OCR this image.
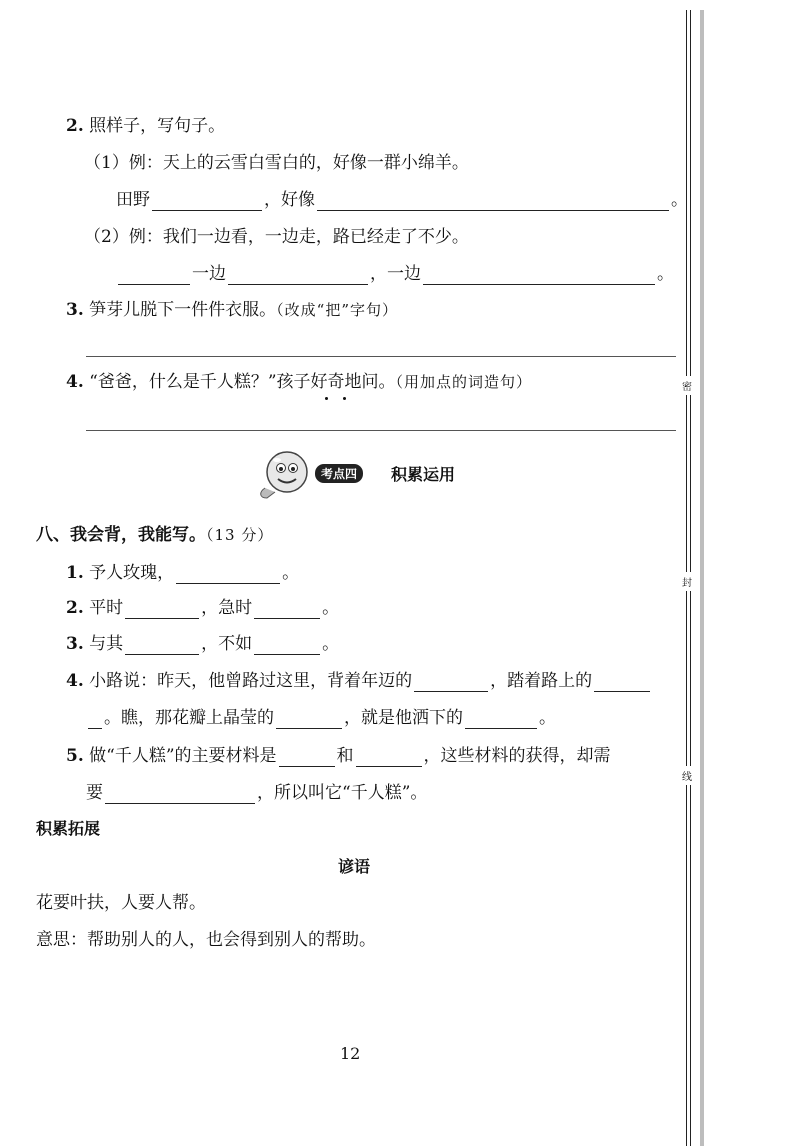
2. 照样子，写句子。
（1）例：天上的云雪白雪白的，好像一群小绵羊。
田野	，好像	。
（2）例：我们一边看，一边走，路已经走了不少。
一边	，一边	。
3. 笋芽儿脱下一件件衣服。（改成“把”字句）
4. “爸爸，什么是千人糕？”孩子好奇地问。（用加点的词造句）
考点四	积累运用
八、我会背，我能写。（13 分）
1. 予人玫瑰，	。
2. 平时	，急时	。
3. 与其	，不如	。
4. 小路说：昨天，他曾路过这里，背着年迈的	，踏着路上的
。瞧，那花瓣上晶莹的	，就是他洒下的	。
5. 做“千人糕”的主要材料是	和	，这些材料的获得，却需
要	，所以叫它“千人糕”。
积累拓展
谚语
花要叶扶，人要人帮。
意思：帮助别人的人，也会得到别人的帮助。
12
密
封
线
